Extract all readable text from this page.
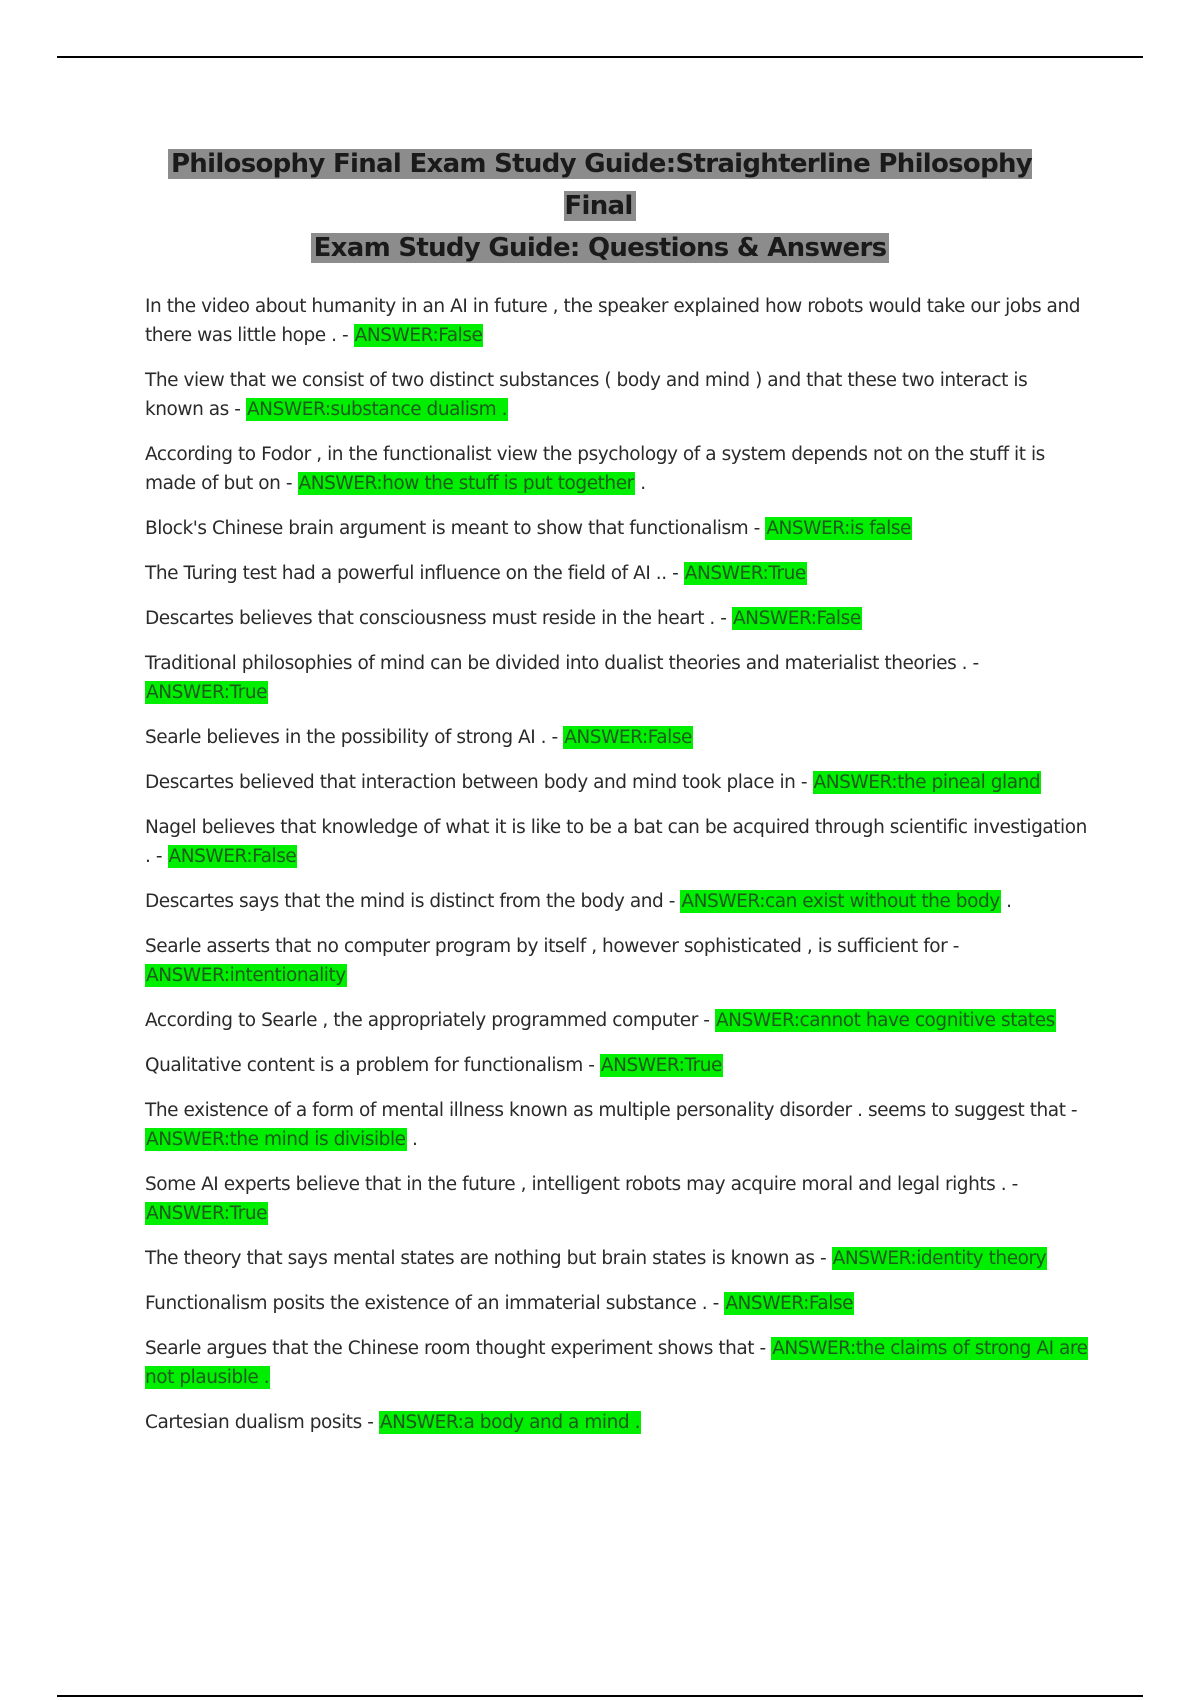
Philosophy Final Exam Study Guide:Straighterline Philosophy Final
Exam Study Guide: Questions & Answers
In the video about humanity in an AI in future , the speaker explained how robots would take our jobs and there was little hope . - ANSWER:False
The view that we consist of two distinct substances ( body and mind ) and that these two interact is known as - ANSWER:substance dualism .
According to Fodor , in the functionalist view the psychology of a system depends not on the stuff it is made of but on - ANSWER:how the stuff is put together .
Block's Chinese brain argument is meant to show that functionalism - ANSWER:is false
The Turing test had a powerful influence on the field of AI .. - ANSWER:True
Descartes believes that consciousness must reside in the heart . - ANSWER:False
Traditional philosophies of mind can be divided into dualist theories and materialist theories . - ANSWER:True
Searle believes in the possibility of strong AI . - ANSWER:False
Descartes believed that interaction between body and mind took place in - ANSWER:the pineal gland
Nagel believes that knowledge of what it is like to be a bat can be acquired through scientific investigation . - ANSWER:False
Descartes says that the mind is distinct from the body and - ANSWER:can exist without the body .
Searle asserts that no computer program by itself , however sophisticated , is sufficient for - ANSWER:intentionality
According to Searle , the appropriately programmed computer - ANSWER:cannot have cognitive states
Qualitative content is a problem for functionalism - ANSWER:True
The existence of a form of mental illness known as multiple personality disorder . seems to suggest that - ANSWER:the mind is divisible .
Some AI experts believe that in the future , intelligent robots may acquire moral and legal rights . - ANSWER:True
The theory that says mental states are nothing but brain states is known as - ANSWER:identity theory
Functionalism posits the existence of an immaterial substance . - ANSWER:False
Searle argues that the Chinese room thought experiment shows that - ANSWER:the claims of strong AI are not plausible .
Cartesian dualism posits - ANSWER:a body and a mind .
